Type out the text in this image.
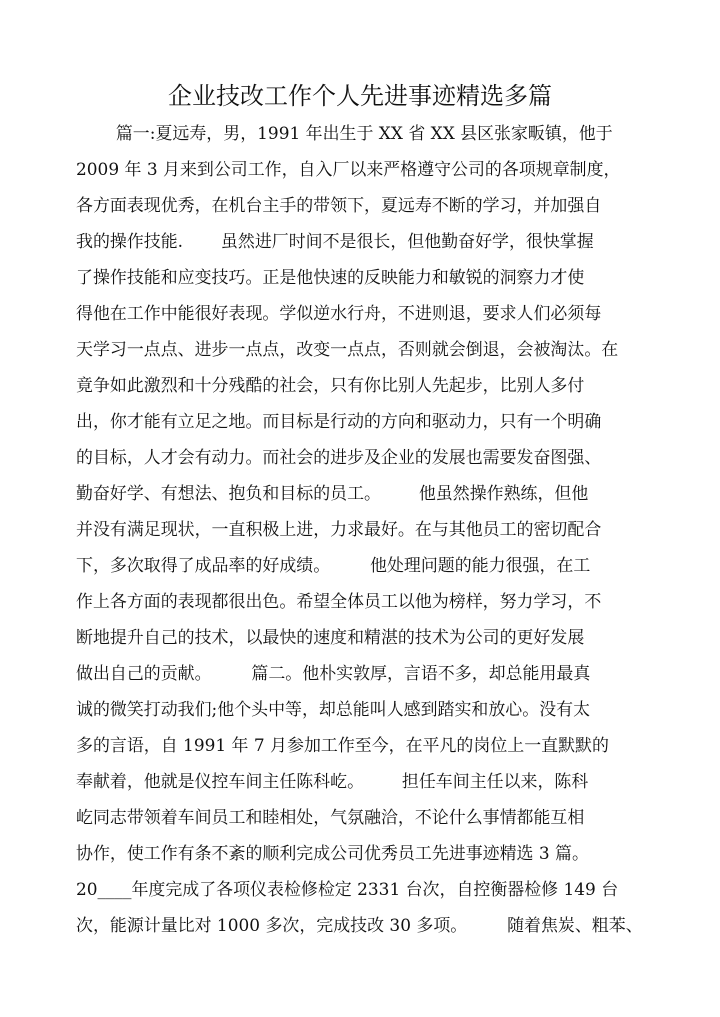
企业技改工作个人先进事迹精选多篇
篇一:夏远寿，男，1991 年出生于 XX 省 XX 县区张家畈镇，他于
2009 年 3 月来到公司工作，自入厂以来严格遵守公司的各项规章制度，
各方面表现优秀，在机台主手的带领下，夏远寿不断的学习，并加强自
我的操作技能. 虽然进厂时间不是很长，但他勤奋好学，很快掌握
了操作技能和应变技巧。正是他快速的反映能力和敏锐的洞察力才使
得他在工作中能很好表现。学似逆水行舟，不进则退，要求人们必须每
天学习一点点、进步一点点，改变一点点，否则就会倒退，会被淘汰。在
竟争如此激烈和十分残酷的社会，只有你比别人先起步，比别人多付
出，你才能有立足之地。而目标是行动的方向和驱动力，只有一个明确
的目标，人才会有动力。而社会的进步及企业的发展也需要发奋图强、
勤奋好学、有想法、抱负和目标的员工。 他虽然操作熟练，但他
并没有满足现状，一直积极上进，力求最好。在与其他员工的密切配合
下，多次取得了成品率的好成绩。 他处理问题的能力很强，在工
作上各方面的表现都很出色。希望全体员工以他为榜样，努力学习，不
断地提升自己的技术，以最快的速度和精湛的技术为公司的更好发展
做出自己的贡献。 篇二。他朴实敦厚，言语不多，却总能用最真
诚的微笑打动我们;他个头中等，却总能叫人感到踏实和放心。没有太
多的言语，自 1991 年 7 月参加工作至今，在平凡的岗位上一直默默的
奉献着，他就是仪控车间主任陈科屹。 担任车间主任以来，陈科
屹同志带领着车间员工和睦相处，气氛融洽，不论什么事情都能互相
协作，使工作有条不紊的顺利完成公司优秀员工先进事迹精选 3 篇。
20____年度完成了各项仪表检修检定 2331 台次，自控衡器检修 149 台
次，能源计量比对 1000 多次，完成技改 30 多项。 随着焦炭、粗苯、
